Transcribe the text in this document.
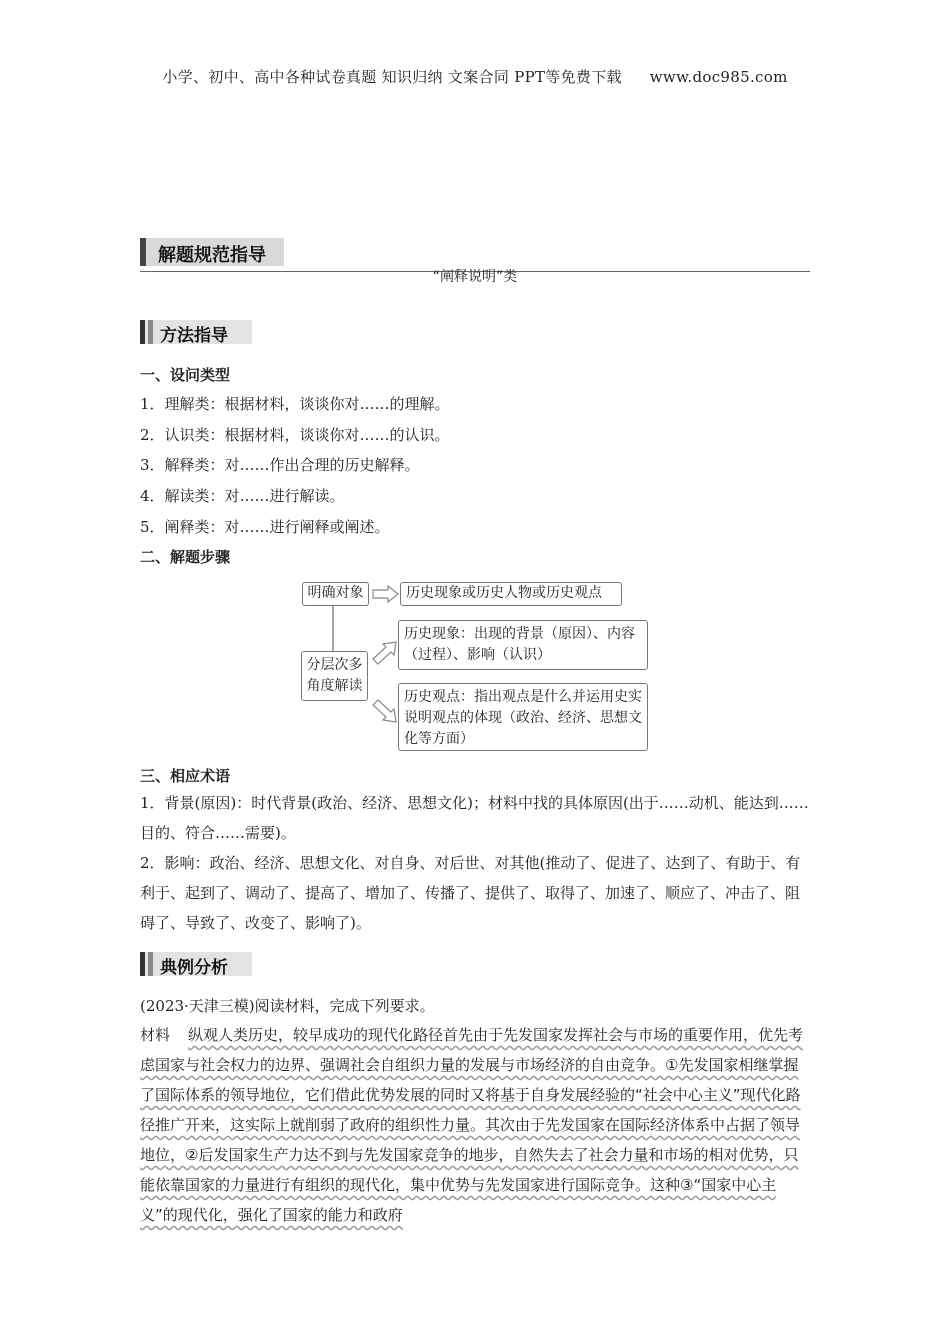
小学、初中、高中各种试卷真题 知识归纳 文案合同 PPT等免费下载 www.doc985.com
解题规范指导
“阐释说明”类
方法指导
一、设问类型
1．理解类：根据材料，谈谈你对……的理解。
2．认识类：根据材料，谈谈你对……的认识。
3．解释类：对……作出合理的历史解释。
4．解读类：对……进行解读。
5．阐释类：对……进行阐释或阐述。
二、解题步骤
明确对象
分层次多角度解读
历史现象或历史人物或历史观点
历史现象：出现的背景（原因）、内容（过程）、影响（认识）
历史观点：指出观点是什么并运用史实说明观点的体现（政治、经济、思想文化等方面）
三、相应术语
1．背景(原因)：时代背景(政治、经济、思想文化)；材料中找的具体原因(出于……动机、能达到……目的、符合……需要)。
2．影响：政治、经济、思想文化、对自身、对后世、对其他(推动了、促进了、达到了、有助于、有利于、起到了、调动了、提高了、增加了、传播了、提供了、取得了、加速了、顺应了、冲击了、阻碍了、导致了、改变了、影响了)。
典例分析
(2023·天津三模)阅读材料，完成下列要求。
材料 纵观人类历史，较早成功的现代化路径首先由于先发国家发挥社会与市场的重要作用，优先考虑国家与社会权力的边界、强调社会自组织力量的发展与市场经济的自由竞争。①先发国家相继掌握了国际体系的领导地位，它们借此优势发展的同时又将基于自身发展经验的“社会中心主义”现代化路径推广开来，这实际上就削弱了政府的组织性力量。其次由于先发国家在国际经济体系中占据了领导地位，②后发国家生产力达不到与先发国家竞争的地步，自然失去了社会力量和市场的相对优势，只能依靠国家的力量进行有组织的现代化，集中优势与先发国家进行国际竞争。这种③“国家中心主义”的现代化，强化了国家的能力和政府
